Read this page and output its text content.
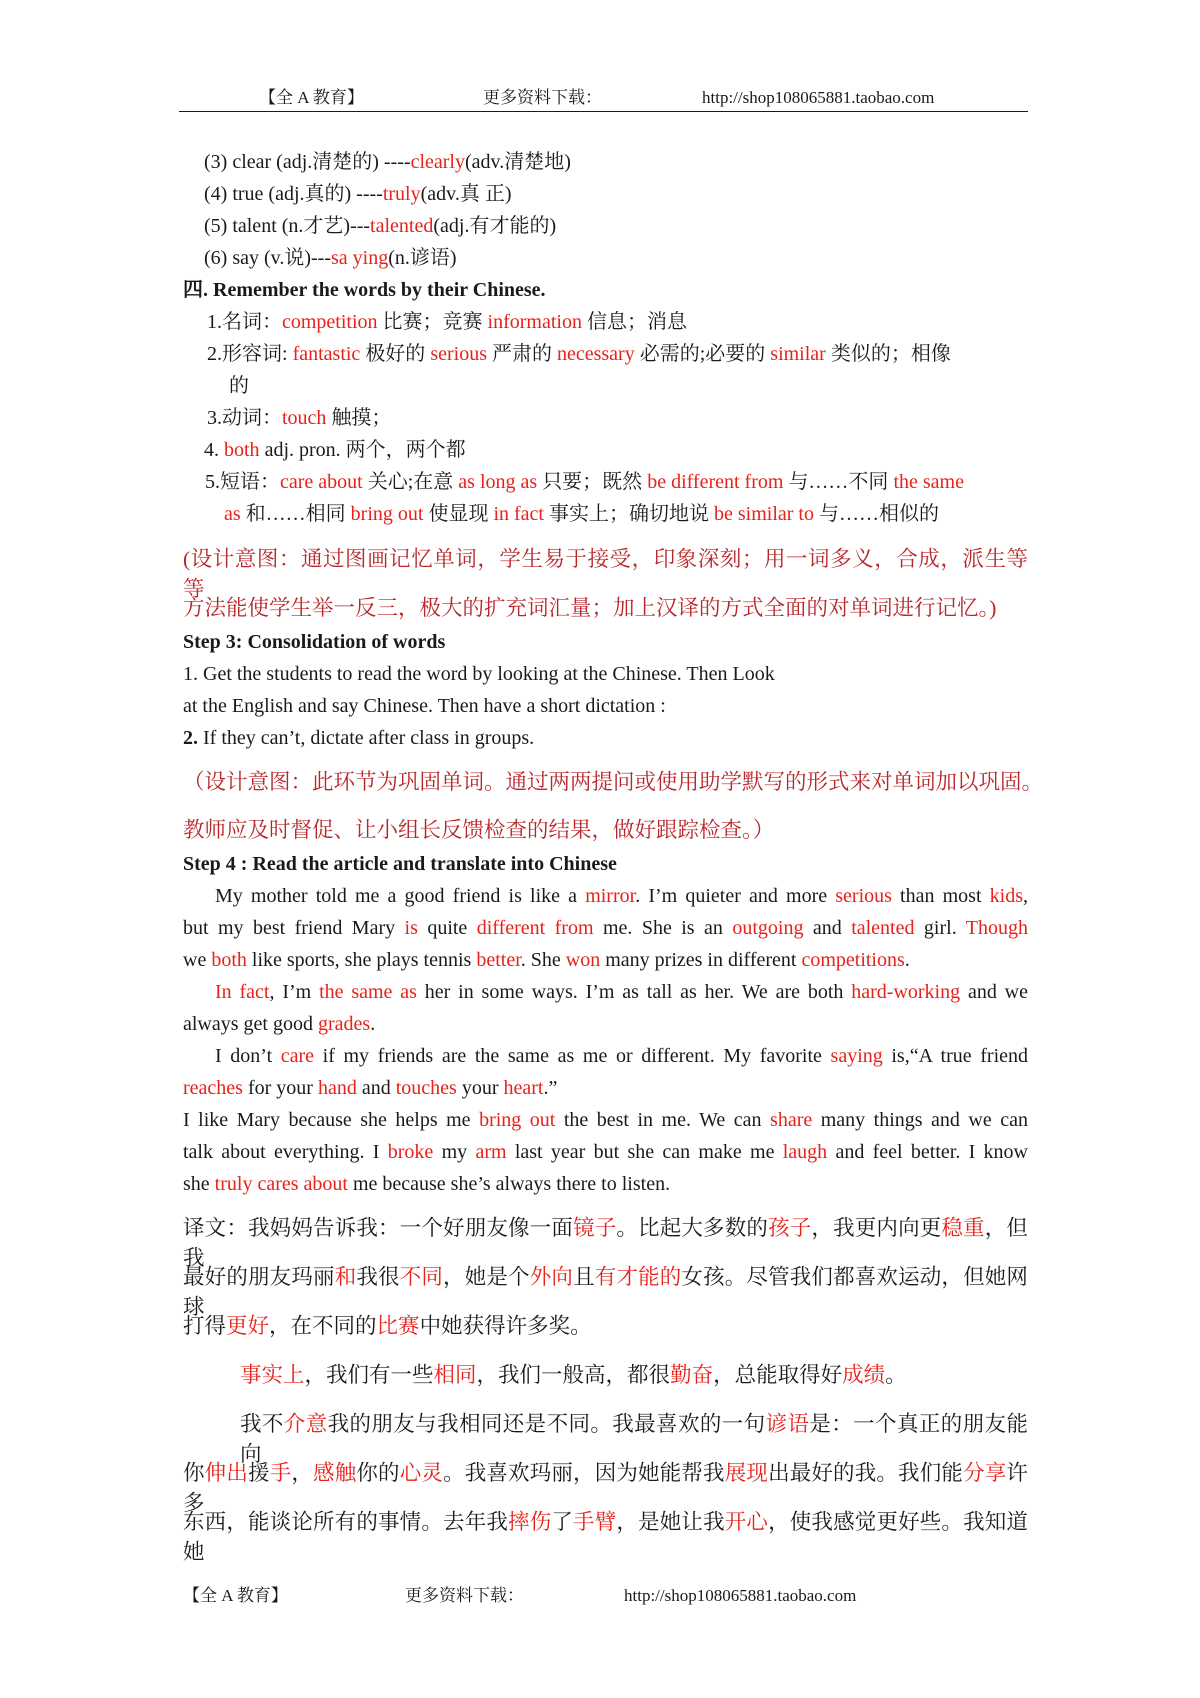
【全 A 教育】	更多资料下载：	http://shop108065881.taobao.com
(3) clear (adj.清楚的) ----clearly(adv.清楚地)
(4) true (adj.真的) ----truly(adv.真 正)
(5) talent (n.才艺)---talented(adj.有才能的)
(6) say (v.说)---sa ying(n.谚语)
四. Remember the words by their Chinese.
1.名词：competition 比赛；竞赛 information 信息；消息
2.形容词: fantastic 极好的 serious 严肃的 necessary 必需的;必要的 similar 类似的；相像
的
3.动词：touch 触摸；
4. both adj. pron. 两个，两个都
5.短语：care about 关心;在意 as long as 只要；既然 be different from 与……不同 the same
as 和……相同 bring out 使显现 in fact 事实上；确切地说 be similar to 与……相似的
(设计意图：通过图画记忆单词，学生易于接受，印象深刻；用一词多义，合成，派生等等
方法能使学生举一反三，极大的扩充词汇量；加上汉译的方式全面的对单词进行记忆。)
Step 3: Consolidation of words
1. Get the students to read the word by looking at the Chinese. Then Look
at the English and say Chinese. Then have a short dictation :
2. If they can’t, dictate after class in groups.
（设计意图：此环节为巩固单词。通过两两提问或使用助学默写的形式来对单词加以巩固。
教师应及时督促、让小组长反馈检查的结果，做好跟踪检查。）
Step 4 : Read the article and translate into Chinese
My mother told me a good friend is like a mirror. I’m quieter and more serious than most kids,
but my best friend Mary is quite different from me. She is an outgoing and talented girl. Though
we both like sports, she plays tennis better. She won many prizes in different competitions.
In fact, I’m the same as her in some ways. I’m as tall as her. We are both hard-working and we
always get good grades.
I don’t care if my friends are the same as me or different. My favorite saying is,“A true friend
reaches for your hand and touches your heart.”
I like Mary because she helps me bring out the best in me. We can share many things and we can
talk about everything. I broke my arm last year but she can make me laugh and feel better. I know
she truly cares about me because she’s always there to listen.
译文：我妈妈告诉我：一个好朋友像一面镜子。比起大多数的孩子，我更内向更稳重，但我
最好的朋友玛丽和我很不同，她是个外向且有才能的女孩。尽管我们都喜欢运动，但她网球
打得更好，在不同的比赛中她获得许多奖。
事实上，我们有一些相同，我们一般高，都很勤奋，总能取得好成绩。
我不介意我的朋友与我相同还是不同。我最喜欢的一句谚语是：一个真正的朋友能向
你伸出援手，感触你的心灵。我喜欢玛丽，因为她能帮我展现出最好的我。我们能分享许多
东西，能谈论所有的事情。去年我摔伤了手臂，是她让我开心，使我感觉更好些。我知道她
【全 A 教育】	更多资料下载：	http://shop108065881.taobao.com
